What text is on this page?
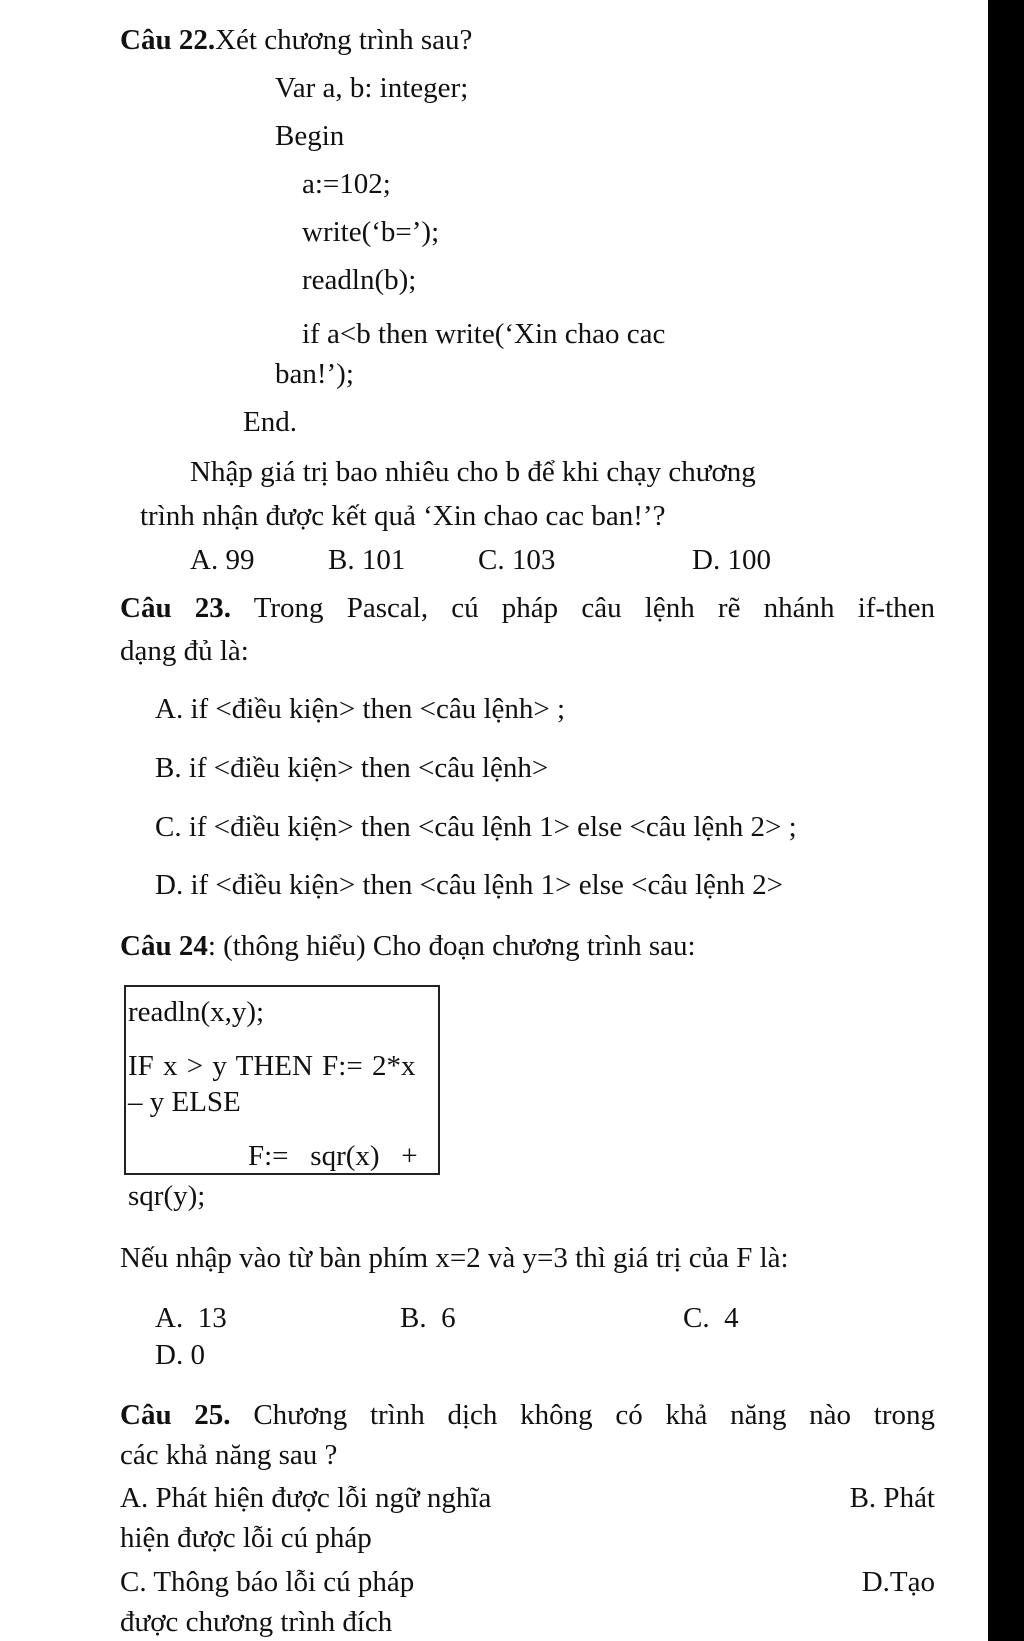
Câu 22.Xét chương trình sau?
Var a, b: integer;
Begin
a:=102;
write(‘b=’);
readln(b);
if a<b then write(‘Xin chao cac
ban!’);
End.
Nhập giá trị bao nhiêu cho b để khi chạy chương
trình nhận được kết quả ‘Xin chao cac ban!’?
A. 99	B. 101	C. 103	D. 100
Câu 23. Trong Pascal, cú pháp câu lệnh rẽ nhánh if-then
dạng đủ là:
A. if <điều kiện> then <câu lệnh> ;
B. if <điều kiện> then <câu lệnh>
C. if <điều kiện> then <câu lệnh 1> else <câu lệnh 2> ;
D. if <điều kiện> then <câu lệnh 1> else <câu lệnh 2>
Câu 24: (thông hiểu) Cho đoạn chương trình sau:
readln(x,y);
IF x > y THEN F:= 2*x
– y ELSE
F:=   sqr(x)   +
sqr(y);
Nếu nhập vào từ bàn phím x=2 và y=3 thì giá trị của F là:
A.  13	B.  6	C.  4
D. 0
Câu 25. Chương trình dịch không có khả năng nào trong
các khả năng sau ?
A. Phát hiện được lỗi ngữ nghĩa	B. Phát
hiện được lỗi cú pháp
C. Thông báo lỗi cú pháp	D.Tạo
được chương trình đích
